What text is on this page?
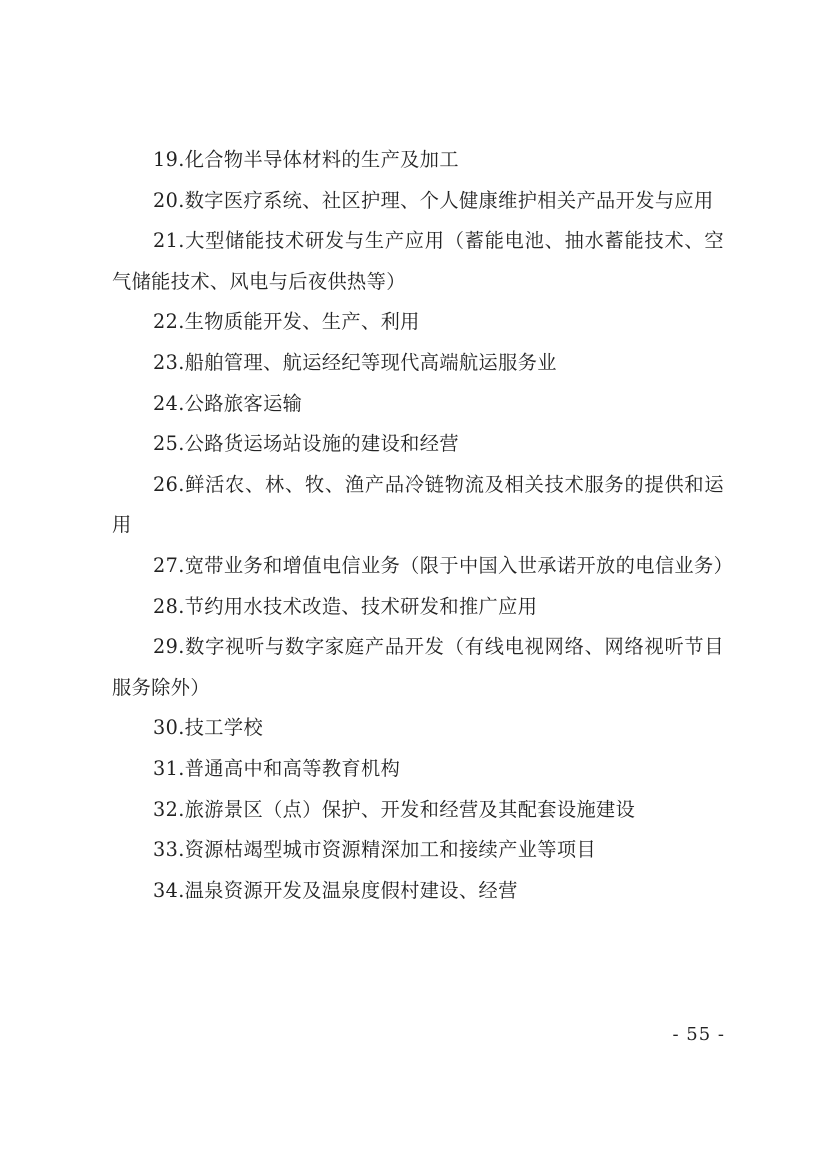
19.化合物半导体材料的生产及加工

20.数字医疗系统、社区护理、个人健康维护相关产品开发与应用

21.大型储能技术研发与生产应用（蓄能电池、抽水蓄能技术、空气储能技术、风电与后夜供热等）

22.生物质能开发、生产、利用

23.船舶管理、航运经纪等现代高端航运服务业

24.公路旅客运输

25.公路货运场站设施的建设和经营

26.鲜活农、林、牧、渔产品冷链物流及相关技术服务的提供和运用

27.宽带业务和增值电信业务（限于中国入世承诺开放的电信业务）

28.节约用水技术改造、技术研发和推广应用

29.数字视听与数字家庭产品开发（有线电视网络、网络视听节目服务除外）

30.技工学校

31.普通高中和高等教育机构

32.旅游景区（点）保护、开发和经营及其配套设施建设

33.资源枯竭型城市资源精深加工和接续产业等项目

34.温泉资源开发及温泉度假村建设、经营

- 55 -
